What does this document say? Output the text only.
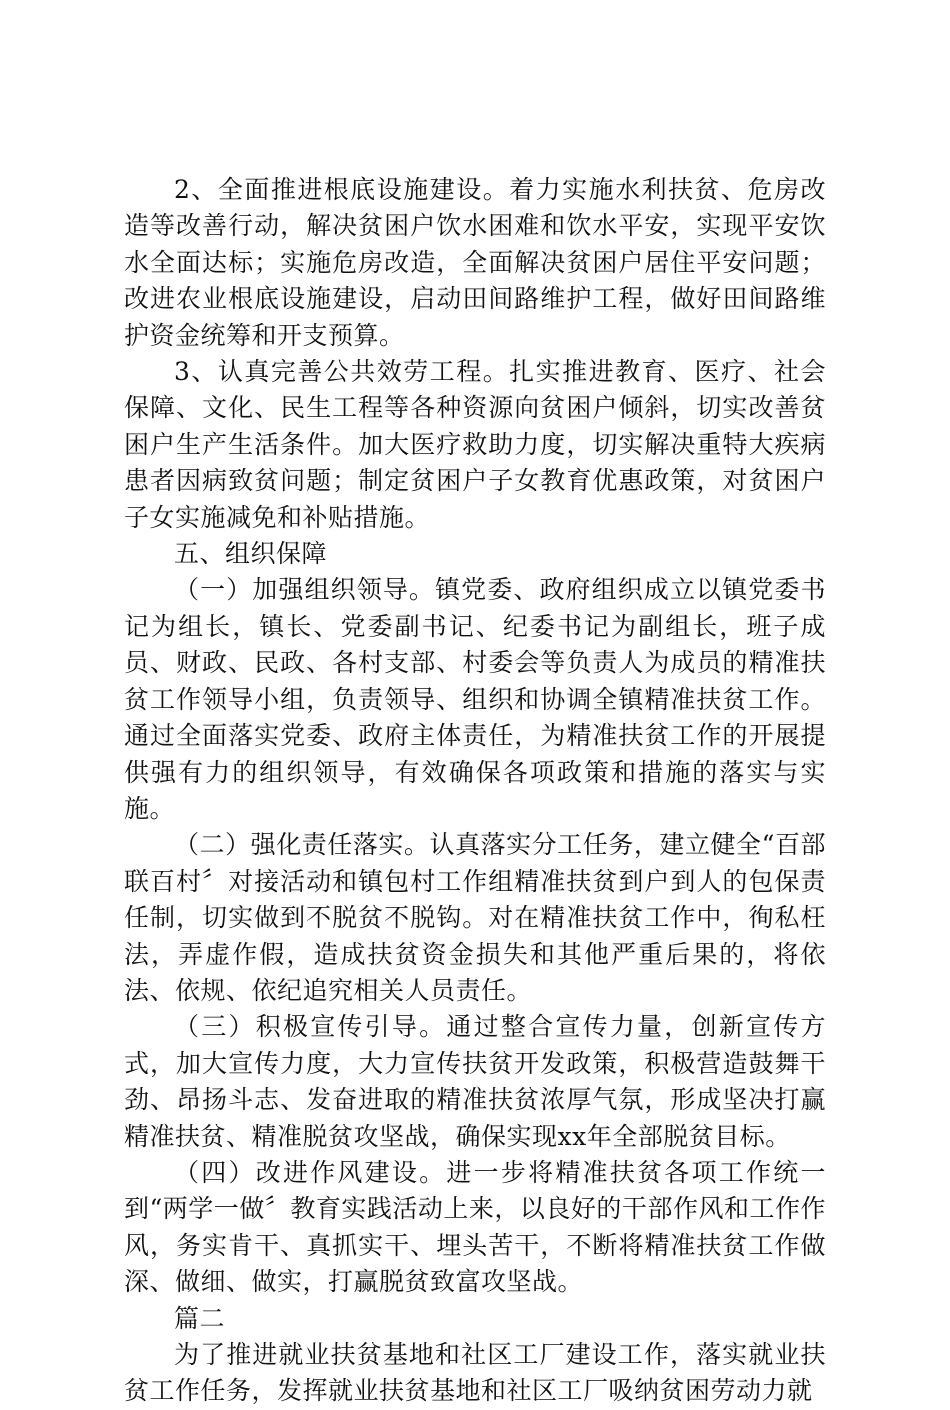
2、全面推进根底设施建设。着力实施水利扶贫、危房改造等改善行动，解决贫困户饮水困难和饮水平安，实现平安饮水全面达标；实施危房改造，全面解决贫困户居住平安问题；改进农业根底设施建设，启动田间路维护工程，做好田间路维护资金统筹和开支预算。

3、认真完善公共效劳工程。扎实推进教育、医疗、社会保障、文化、民生工程等各种资源向贫困户倾斜，切实改善贫困户生产生活条件。加大医疗救助力度，切实解决重特大疾病患者因病致贫问题；制定贫困户子女教育优惠政策，对贫困户子女实施减免和补贴措施。

五、组织保障

（一）加强组织领导。镇党委、政府组织成立以镇党委书记为组长，镇长、党委副书记、纪委书记为副组长，班子成员、财政、民政、各村支部、村委会等负责人为成员的精准扶贫工作领导小组，负责领导、组织和协调全镇精准扶贫工作。通过全面落实党委、政府主体责任，为精准扶贫工作的开展提供强有力的组织领导，有效确保各项政策和措施的落实与实施。

（二）强化责任落实。认真落实分工任务，建立健全“百部联百村〞对接活动和镇包村工作组精准扶贫到户到人的包保责任制，切实做到不脱贫不脱钩。对在精准扶贫工作中，徇私枉法，弄虚作假，造成扶贫资金损失和其他严重后果的，将依法、依规、依纪追究相关人员责任。

（三）积极宣传引导。通过整合宣传力量，创新宣传方式，加大宣传力度，大力宣传扶贫开发政策，积极营造鼓舞干劲、昂扬斗志、发奋进取的精准扶贫浓厚气氛，形成坚决打赢精准扶贫、精准脱贫攻坚战，确保实现xx年全部脱贫目标。

（四）改进作风建设。进一步将精准扶贫各项工作统一到“两学一做〞教育实践活动上来，以良好的干部作风和工作作风，务实肯干、真抓实干、埋头苦干，不断将精准扶贫工作做深、做细、做实，打赢脱贫致富攻坚战。

篇二

为了推进就业扶贫基地和社区工厂建设工作，落实就业扶贫工作任务，发挥就业扶贫基地和社区工厂吸纳贫困劳动力就
